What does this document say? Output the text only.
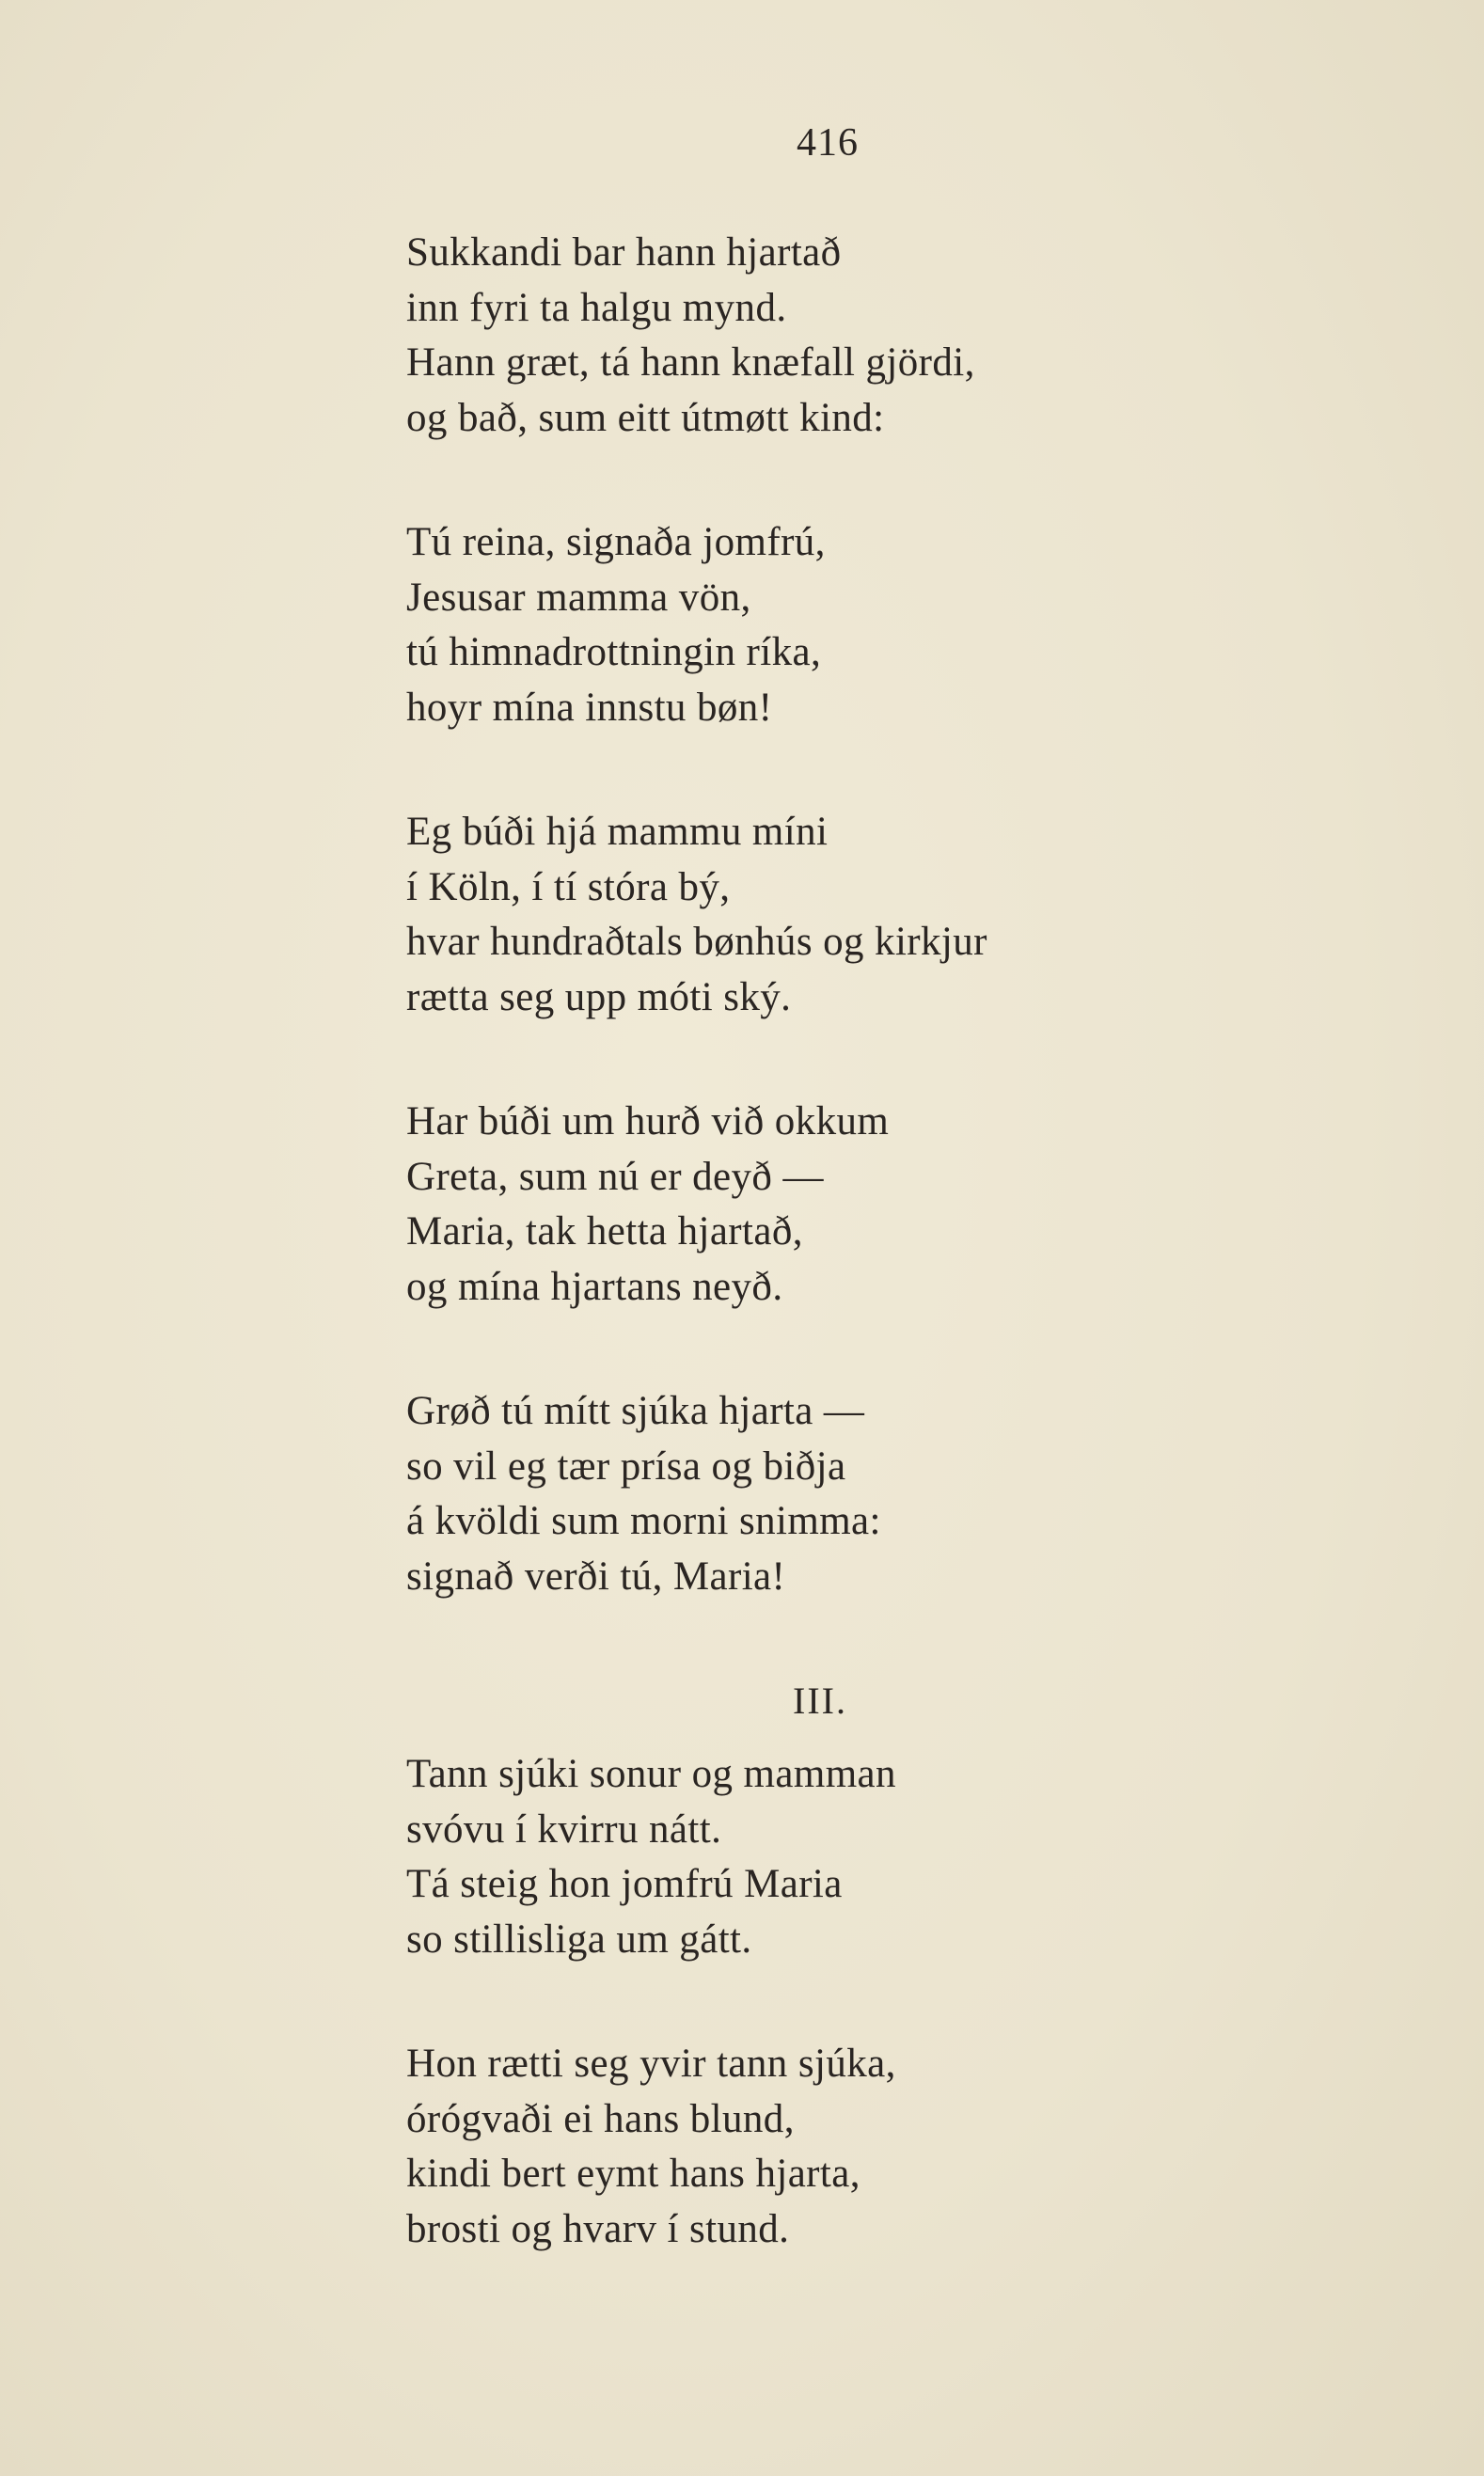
416
Sukkandi bar hann hjartað
inn fyri ta halgu mynd.
Hann græt, tá hann knæfall gjördi,
og bað, sum eitt útmøtt kind:
Tú reina, signaða jomfrú,
Jesusar mamma vön,
tú himnadrottningin ríka,
hoyr mína innstu bøn!
Eg búði hjá mammu míni
í Köln, í tí stóra bý,
hvar hundraðtals bønhús og kirkjur
rætta seg upp móti ský.
Har búði um hurð við okkum
Greta, sum nú er deyð —
Maria, tak hetta hjartað,
og mína hjartans neyð.
Grøð tú mítt sjúka hjarta —
so vil eg tær prísa og biðja
á kvöldi sum morni snimma:
signað verði tú, Maria!
III.
Tann sjúki sonur og mamman
svóvu í kvirru nátt.
Tá steig hon jomfrú Maria
so stillisliga um gátt.
Hon rætti seg yvir tann sjúka,
órógvaði ei hans blund,
kindi bert eymt hans hjarta,
brosti og hvarv í stund.
